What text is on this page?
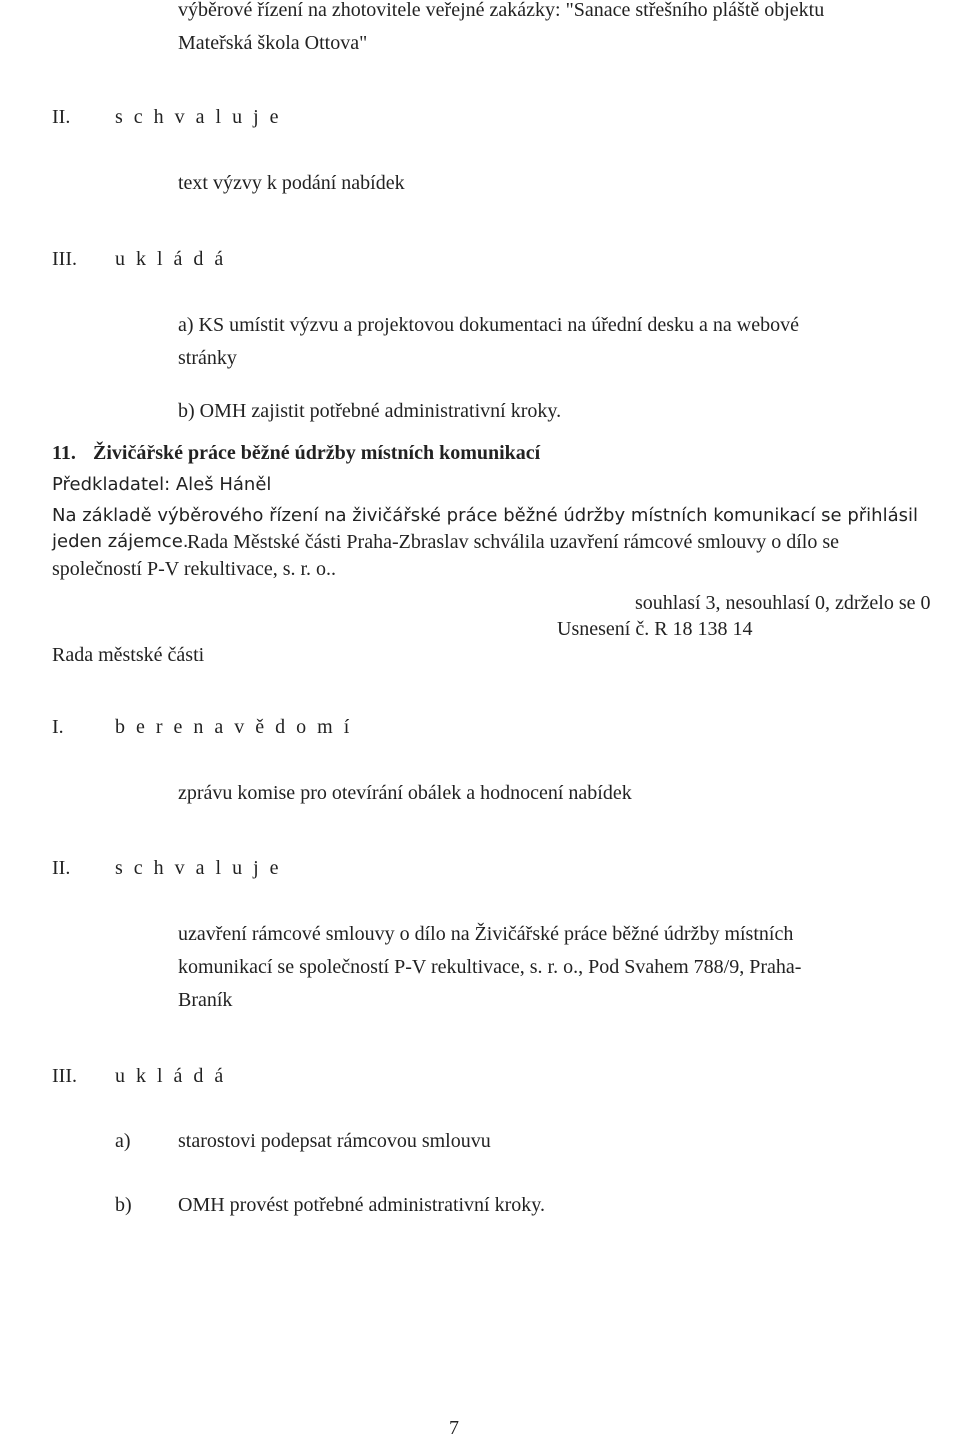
výběrové řízení na zhotovitele veřejné zakázky: "Sanace střešního pláště objektu
Mateřská škola Ottova"
II. s c h v a l u j e
text výzvy k podání nabídek
III. u k l á d á
a) KS umístit výzvu a projektovou dokumentaci na úřední desku a na webové
stránky
b) OMH zajistit potřebné administrativní kroky.
11. Živičářské práce běžné údržby místních komunikací
Předkladatel: Aleš Háněl
Na základě výběrového řízení na živičářské práce běžné údržby místních komunikací se přihlásil
jeden zájemce.
Rada Městské části Praha-Zbraslav schválila uzavření rámcové smlouvy o dílo se
společností P-V rekultivace, s. r. o..
souhlasí 3, nesouhlasí 0, zdrželo se 0
Usnesení č. R 18 138 14
Rada městské části
I.	b e r e n a v ě d o m í
zprávu komise pro otevírání obálek a hodnocení nabídek
II. s c h v a l u j e
uzavření rámcové smlouvy o dílo na Živičářské práce běžné údržby místních
komunikací se společností P-V rekultivace, s. r. o., Pod Svahem 788/9, Praha-
Braník
III. u k l á d á
a) starostovi podepsat rámcovou smlouvu
b) OMH provést potřebné administrativní kroky.
7
